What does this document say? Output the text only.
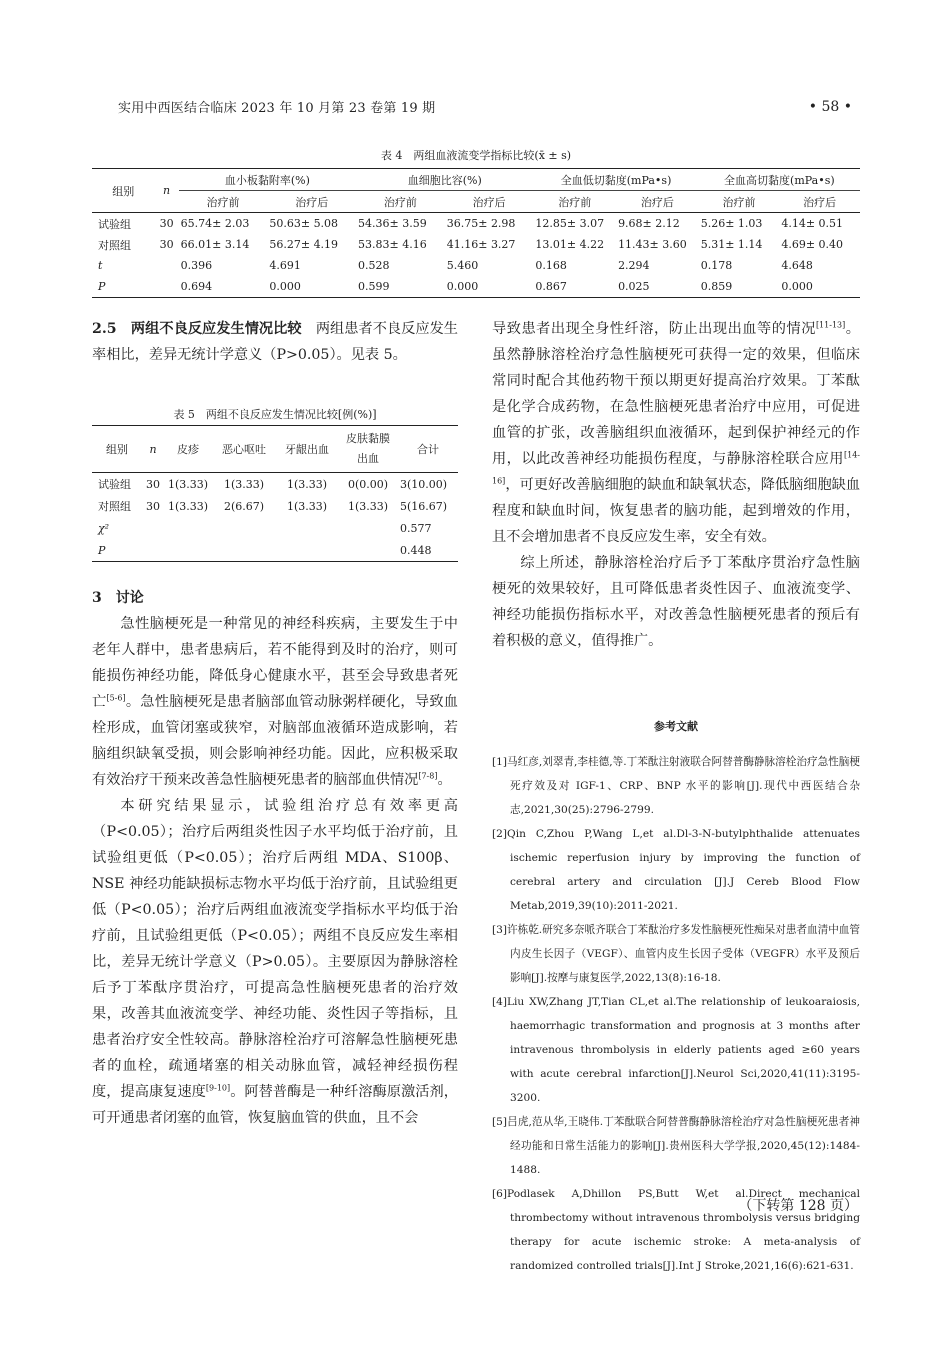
实用中西医结合临床 2023 年 10 月第 23 卷第 19 期	• 58 •
表 4　两组血液流变学指标比较(x̄ ± s)
组别	n	血小板黏附率(%)		血细胞比容(%)		全血低切黏度(mPa•s)		全血高切黏度(mPa•s)	
		治疗前	治疗后	治疗前	治疗后	治疗前	治疗后	治疗前	治疗后
试验组	30	65.74± 2.03	50.63± 5.08	54.36± 3.59	36.75± 2.98	12.85± 3.07	9.68± 2.12	5.26± 1.03	4.14± 0.51
对照组	30	66.01± 3.14	56.27± 4.19	53.83± 4.16	41.16± 3.27	13.01± 4.22	11.43± 3.60	5.31± 1.14	4.69± 0.40
t		0.396	4.691	0.528	5.460	0.168	2.294	0.178	4.648
P		0.694	0.000	0.599	0.000	0.867	0.025	0.859	0.000

2.5　两组不良反应发生情况比较　 两组患者不良反应发生率相比，差异无统计学意义（P>0.05）。见表 5。

表 5　两组不良反应发生情况比较[例(%)]
组别	n	皮疹	恶心呕吐	牙龈出血	皮肤黏膜出血	合计
试验组	30	1(3.33)	1(3.33)	1(3.33)	0(0.00)	3(10.00)
对照组	30	1(3.33)	2(6.67)	1(3.33)	1(3.33)	5(16.67)
χ²						0.577
P						0.448

3　讨论

急性脑梗死是一种常见的神经科疾病，主要发生于中老年人群中，患者患病后，若不能得到及时的治疗，则可能损伤神经功能，降低身心健康水平，甚至会导致患者死亡[5-6]。急性脑梗死是患者脑部血管动脉粥样硬化，导致血栓形成，血管闭塞或狭窄，对脑部血液循环造成影响，若脑组织缺氧受损，则会影响神经功能。因此，应积极采取有效治疗干预来改善急性脑梗死患者的脑部血供情况[7-8]。

本研究结果显示，试验组治疗总有效率更高（P<0.05）；治疗后两组炎性因子水平均低于治疗前，且试验组更低（P<0.05）；治疗后两组 MDA、S100β、NSE 神经功能缺损标志物水平均低于治疗前，且试验组更低（P<0.05）；治疗后两组血液流变学指标水平均低于治疗前，且试验组更低（P<0.05）；两组不良反应发生率相比，差异无统计学意义（P>0.05）。主要原因为静脉溶栓后予丁苯酞序贯治疗，可提高急性脑梗死患者的治疗效果，改善其血液流变学、神经功能、炎性因子等指标，且患者治疗安全性较高。静脉溶栓治疗可溶解急性脑梗死患者的血栓，疏通堵塞的相关动脉血管，减轻神经损伤程度，提高康复速度[9-10]。阿替普酶是一种纤溶酶原激活剂，可开通患者闭塞的血管，恢复脑血管的供血，且不会

导致患者出现全身性纤溶，防止出现出血等的情况[11-13]。虽然静脉溶栓治疗急性脑梗死可获得一定的效果，但临床常同时配合其他药物干预以期更好提高治疗效果。丁苯酞是化学合成药物，在急性脑梗死患者治疗中应用，可促进血管的扩张，改善脑组织血液循环，起到保护神经元的作用，以此改善神经功能损伤程度，与静脉溶栓联合应用[14-16]，可更好改善脑细胞的缺血和缺氧状态，降低脑细胞缺血程度和缺血时间，恢复患者的脑功能，起到增效的作用，且不会增加患者不良反应发生率，安全有效。

综上所述，静脉溶栓治疗后予丁苯酞序贯治疗急性脑梗死的效果较好，且可降低患者炎性因子、血液流变学、神经功能损伤指标水平，对改善急性脑梗死患者的预后有着积极的意义，值得推广。

参考文献

[1]马红彦,刘翠青,李桂德,等.丁苯酞注射液联合阿替普酶静脉溶栓治疗急性脑梗死疗效及对 IGF-1、CRP、BNP 水平的影响[J].现代中西医结合杂志,2021,30(25):2796-2799.

[2]Qin C,Zhou P,Wang L,et al.Dl-3-N-butylphthalide attenuates ischemic reperfusion injury by improving the function of cerebral artery and circulation [J].J Cereb Blood Flow Metab,2019,39(10):2011-2021.

[3]许栋乾.研究多奈哌齐联合丁苯酞治疗多发性脑梗死性痴呆对患者血清中血管内皮生长因子（VEGF）、血管内皮生长因子受体（VEGFR）水平及预后影响[J].按摩与康复医学,2022,13(8):16-18.

[4]Liu XW,Zhang JT,Tian CL,et al.The relationship of leukoaraiosis, haemorrhagic transformation and prognosis at 3 months after intravenous thrombolysis in elderly patients aged ≥60 years with acute cerebral infarction[J].Neurol Sci,2020,41(11):3195-3200.

[5]吕虎,范从华,王晓伟.丁苯酞联合阿替普酶静脉溶栓治疗对急性脑梗死患者神经功能和日常生活能力的影响[J].贵州医科大学学报,2020,45(12):1484-1488.

[6]Podlasek A,Dhillon PS,Butt W,et al.Direct mechanical thrombectomy without intravenous thrombolysis versus bridging therapy for acute ischemic stroke: A meta-analysis of randomized controlled trials[J].Int J Stroke,2021,16(6):621-631.

（下转第 128 页）
